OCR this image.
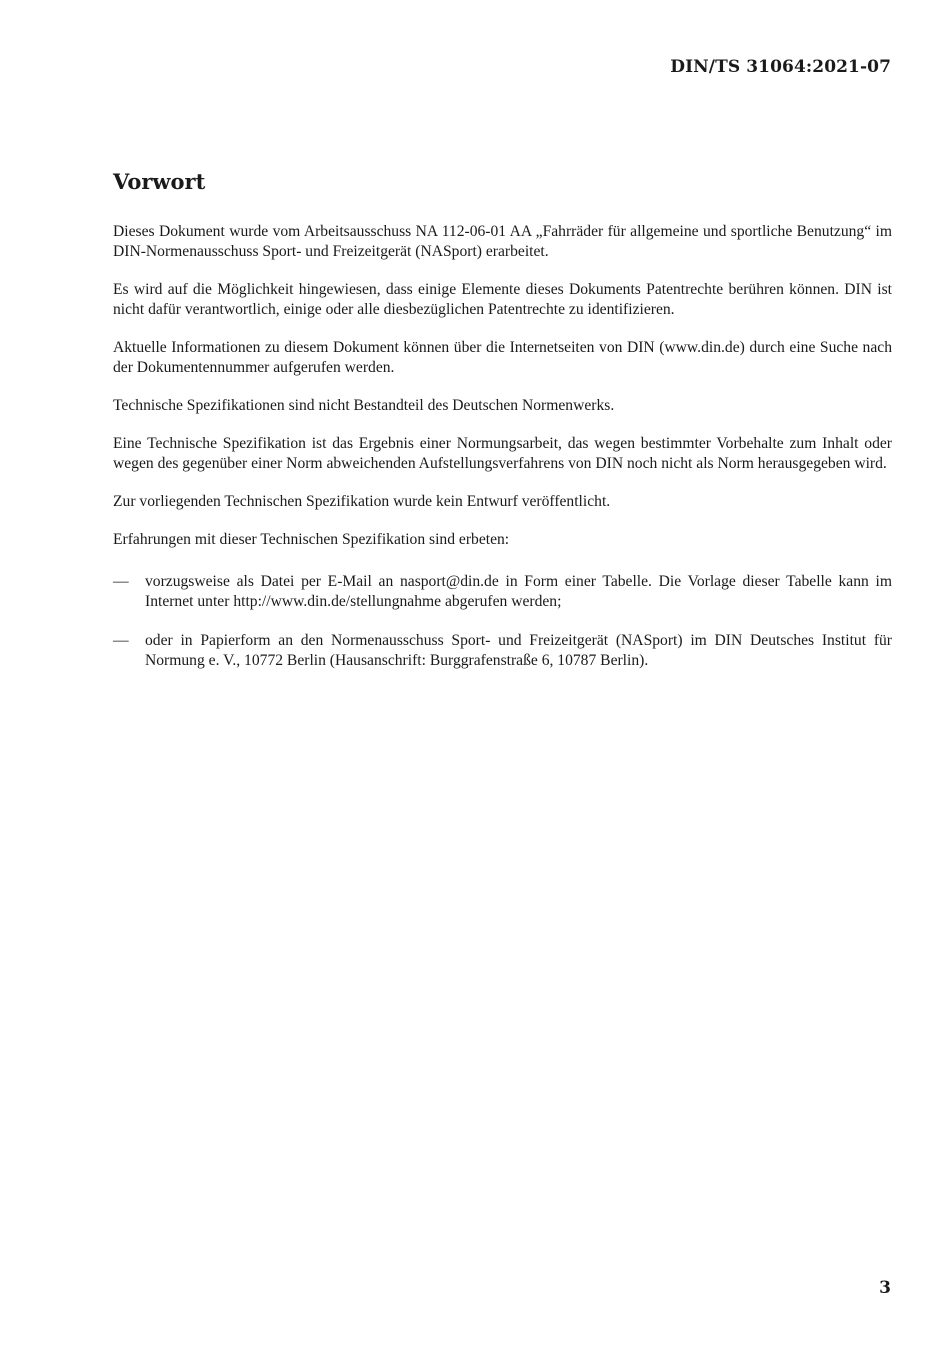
DIN/TS 31064:2021-07
Vorwort

Dieses Dokument wurde vom Arbeitsausschuss NA 112-06-01 AA „Fahrräder für allgemeine und sportliche Benutzung“ im DIN-Normenausschuss Sport- und Freizeitgerät (NASport) erarbeitet.

Es wird auf die Möglichkeit hingewiesen, dass einige Elemente dieses Dokuments Patentrechte berühren können. DIN ist nicht dafür verantwortlich, einige oder alle diesbezüglichen Patentrechte zu identifizieren.

Aktuelle Informationen zu diesem Dokument können über die Internetseiten von DIN (www.din.de) durch eine Suche nach der Dokumentennummer aufgerufen werden.

Technische Spezifikationen sind nicht Bestandteil des Deutschen Normenwerks.

Eine Technische Spezifikation ist das Ergebnis einer Normungsarbeit, das wegen bestimmter Vorbehalte zum Inhalt oder wegen des gegenüber einer Norm abweichenden Aufstellungsverfahrens von DIN noch nicht als Norm herausgegeben wird.

Zur vorliegenden Technischen Spezifikation wurde kein Entwurf veröffentlicht.

Erfahrungen mit dieser Technischen Spezifikation sind erbeten:

—	vorzugsweise als Datei per E-Mail an nasport@din.de in Form einer Tabelle. Die Vorlage dieser Tabelle kann im Internet unter http://www.din.de/stellungnahme abgerufen werden;
—	oder in Papierform an den Normenausschuss Sport- und Freizeitgerät (NASport) im DIN Deutsches Institut für Normung e. V., 10772 Berlin (Hausanschrift: Burggrafenstraße 6, 10787 Berlin).
3
